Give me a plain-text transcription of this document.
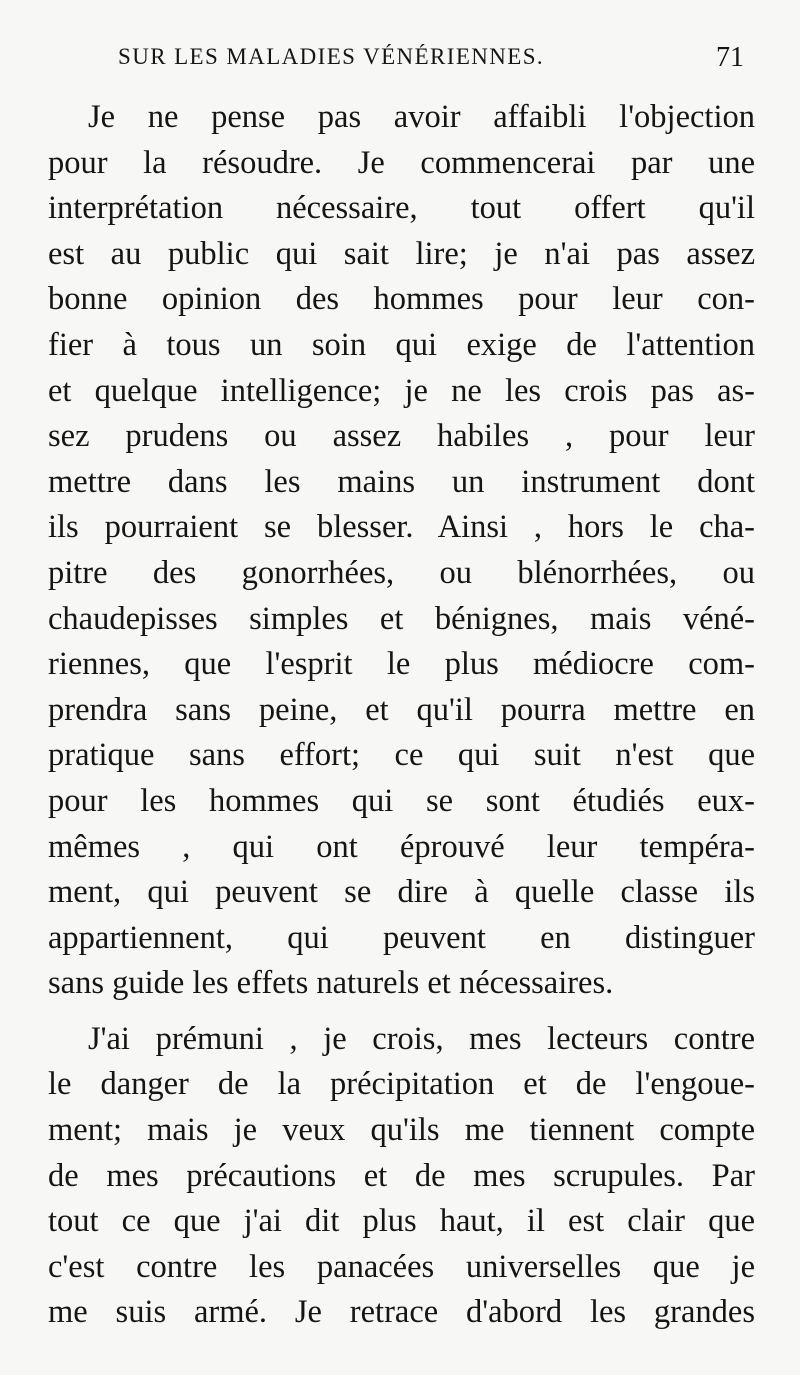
SUR LES MALADIES VÉNÉRIENNES.	71
Je ne pense pas avoir affaibli l'objection
pour la résoudre. Je commencerai par une
interprétation nécessaire, tout offert qu'il
est au public qui sait lire; je n'ai pas assez
bonne opinion des hommes pour leur con-
fier à tous un soin qui exige de l'attention
et quelque intelligence; je ne les crois pas as-
sez prudens ou assez habiles , pour leur
mettre dans les mains un instrument dont
ils pourraient se blesser. Ainsi , hors le cha-
pitre des gonorrhées, ou blénorrhées, ou
chaudepisses simples et bénignes, mais véné-
riennes, que l'esprit le plus médiocre com-
prendra sans peine, et qu'il pourra mettre en
pratique sans effort; ce qui suit n'est que
pour les hommes qui se sont étudiés eux-
mêmes , qui ont éprouvé leur tempéra-
ment, qui peuvent se dire à quelle classe ils
appartiennent, qui peuvent en distinguer
sans guide les effets naturels et nécessaires.
J'ai prémuni , je crois, mes lecteurs contre
le danger de la précipitation et de l'engoue-
ment; mais je veux qu'ils me tiennent compte
de mes précautions et de mes scrupules. Par
tout ce que j'ai dit plus haut, il est clair que
c'est contre les panacées universelles que je
me suis armé. Je retrace d'abord les grandes
